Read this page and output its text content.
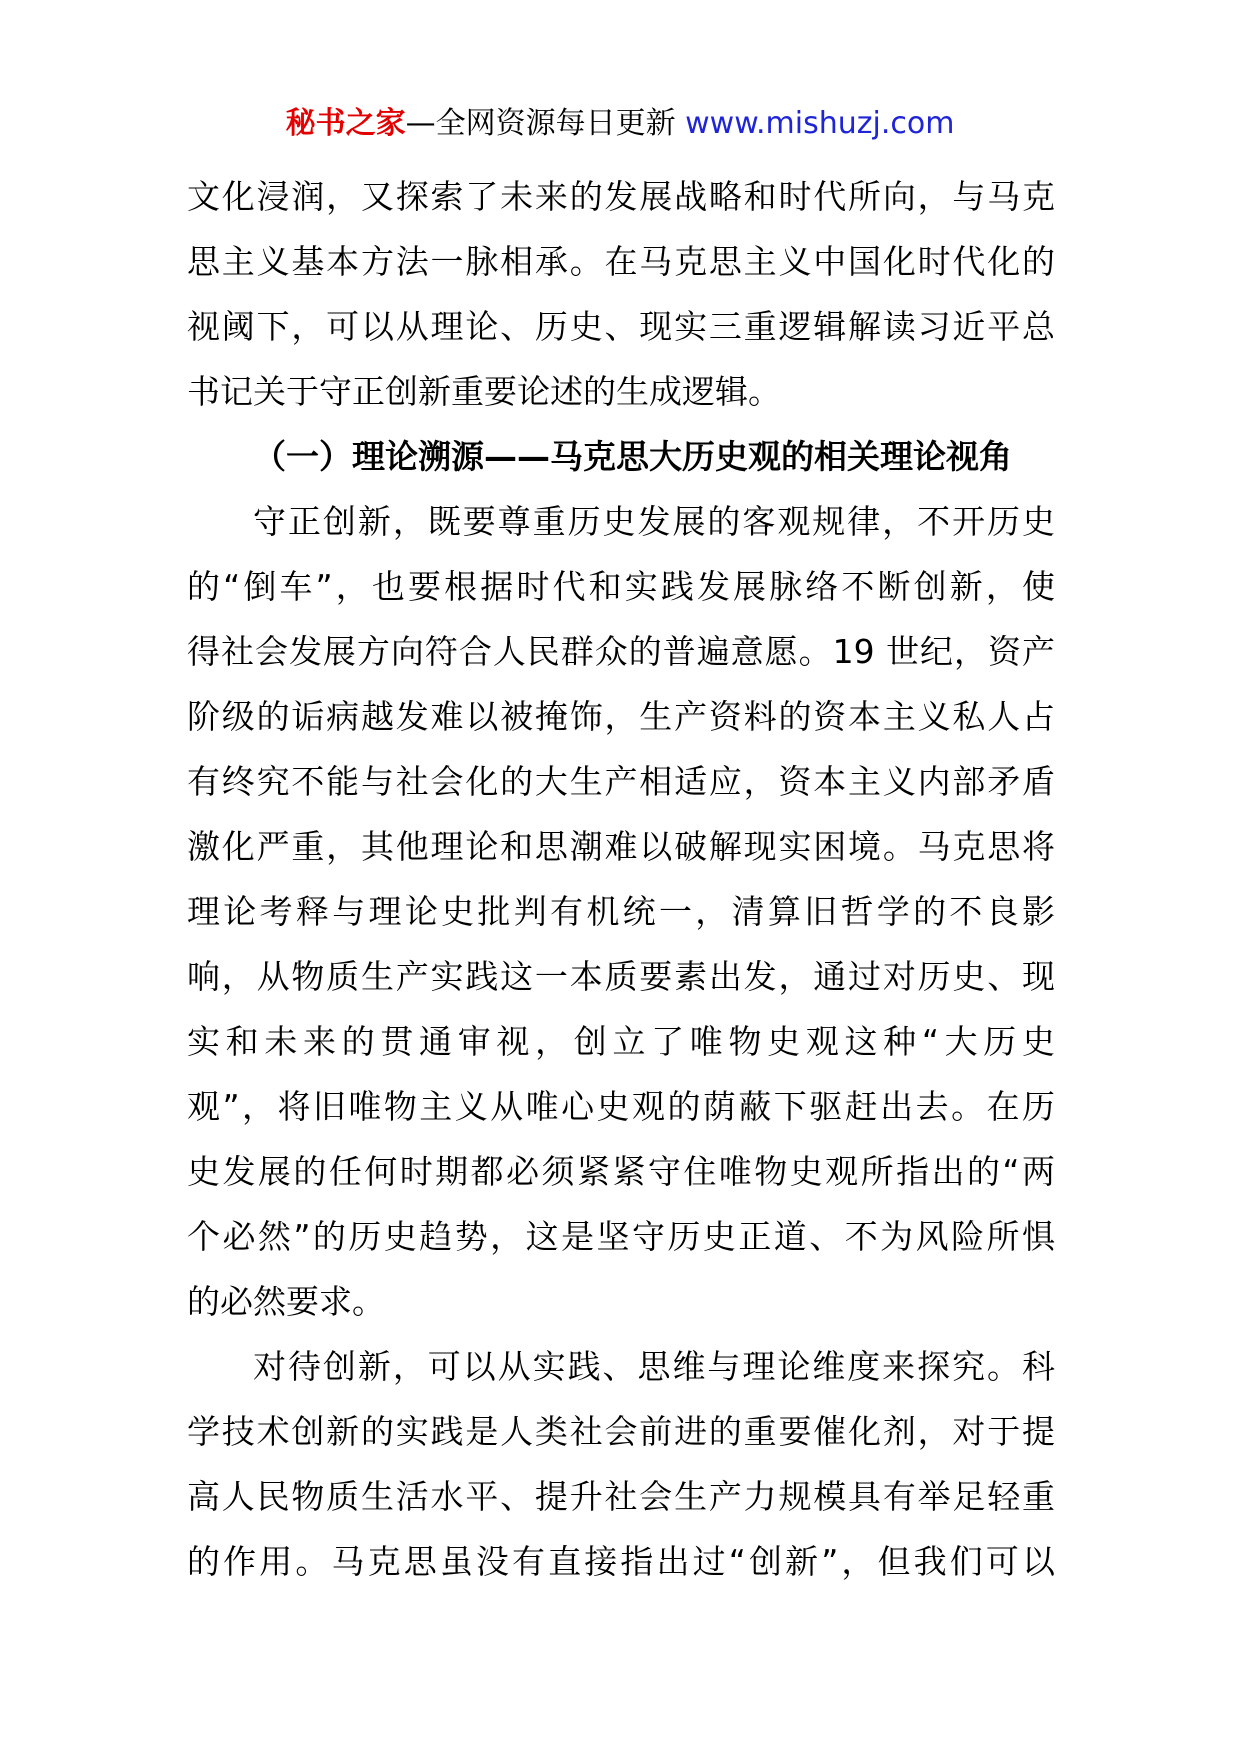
秘书之家—全网资源每日更新 www.mishuzj.com
文化浸润，又探索了未来的发展战略和时代所向，与马克
思主义基本方法一脉相承。在马克思主义中国化时代化的
视阈下，可以从理论、历史、现实三重逻辑解读习近平总
书记关于守正创新重要论述的生成逻辑。
（一）理论溯源——马克思大历史观的相关理论视角
守正创新，既要尊重历史发展的客观规律，不开历史
的“倒车”，也要根据时代和实践发展脉络不断创新，使
得社会发展方向符合人民群众的普遍意愿。19 世纪，资产
阶级的诟病越发难以被掩饰，生产资料的资本主义私人占
有终究不能与社会化的大生产相适应，资本主义内部矛盾
激化严重，其他理论和思潮难以破解现实困境。马克思将
理论考释与理论史批判有机统一，清算旧哲学的不良影
响，从物质生产实践这一本质要素出发，通过对历史、现
实和未来的贯通审视，创立了唯物史观这种“大历史
观”，将旧唯物主义从唯心史观的荫蔽下驱赶出去。在历
史发展的任何时期都必须紧紧守住唯物史观所指出的“两
个必然”的历史趋势，这是坚守历史正道、不为风险所惧
的必然要求。
对待创新，可以从实践、思维与理论维度来探究。科
学技术创新的实践是人类社会前进的重要催化剂，对于提
高人民物质生活水平、提升社会生产力规模具有举足轻重
的作用。马克思虽没有直接指出过“创新”，但我们可以
